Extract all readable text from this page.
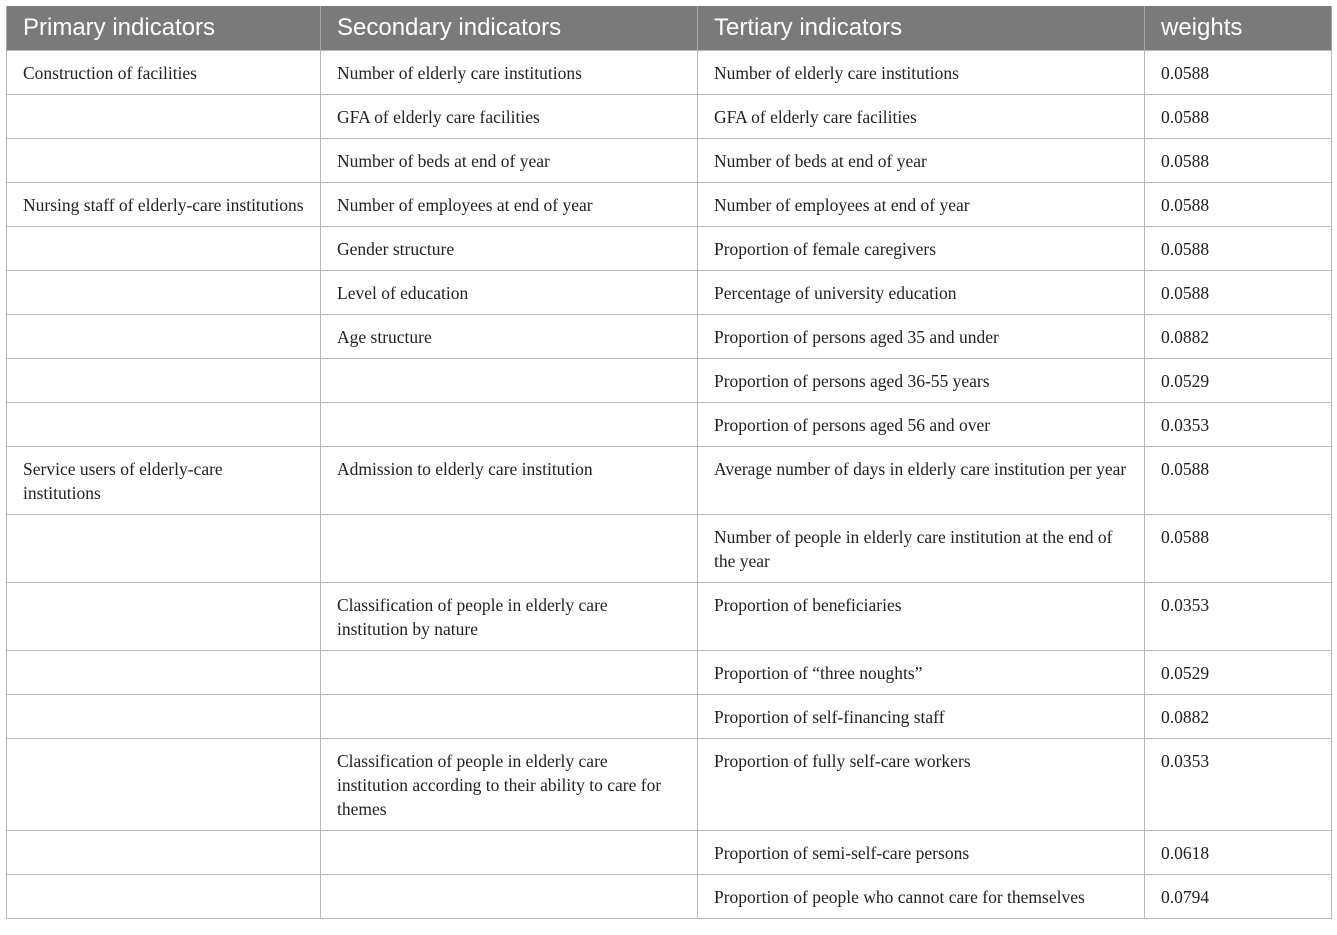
Primary indicators	Secondary indicators	Tertiary indicators	weights
Construction of facilities	Number of elderly care institutions	Number of elderly care institutions	0.0588
	GFA of elderly care facilities	GFA of elderly care facilities	0.0588
	Number of beds at end of year	Number of beds at end of year	0.0588
Nursing staff of elderly-care institutions	Number of employees at end of year	Number of employees at end of year	0.0588
	Gender structure	Proportion of female caregivers	0.0588
	Level of education	Percentage of university education	0.0588
	Age structure	Proportion of persons aged 35 and under	0.0882
		Proportion of persons aged 36-55 years	0.0529
		Proportion of persons aged 56 and over	0.0353
Service users of elderly-care institutions	Admission to elderly care institution	Average number of days in elderly care institution per year	0.0588
		Number of people in elderly care institution at the end of the year	0.0588
	Classification of people in elderly care institution by nature	Proportion of beneficiaries	0.0353
		Proportion of “three noughts”	0.0529
		Proportion of self-financing staff	0.0882
	Classification of people in elderly care institution according to their ability to care for themes	Proportion of fully self-care workers	0.0353
		Proportion of semi-self-care persons	0.0618
		Proportion of people who cannot care for themselves	0.0794
